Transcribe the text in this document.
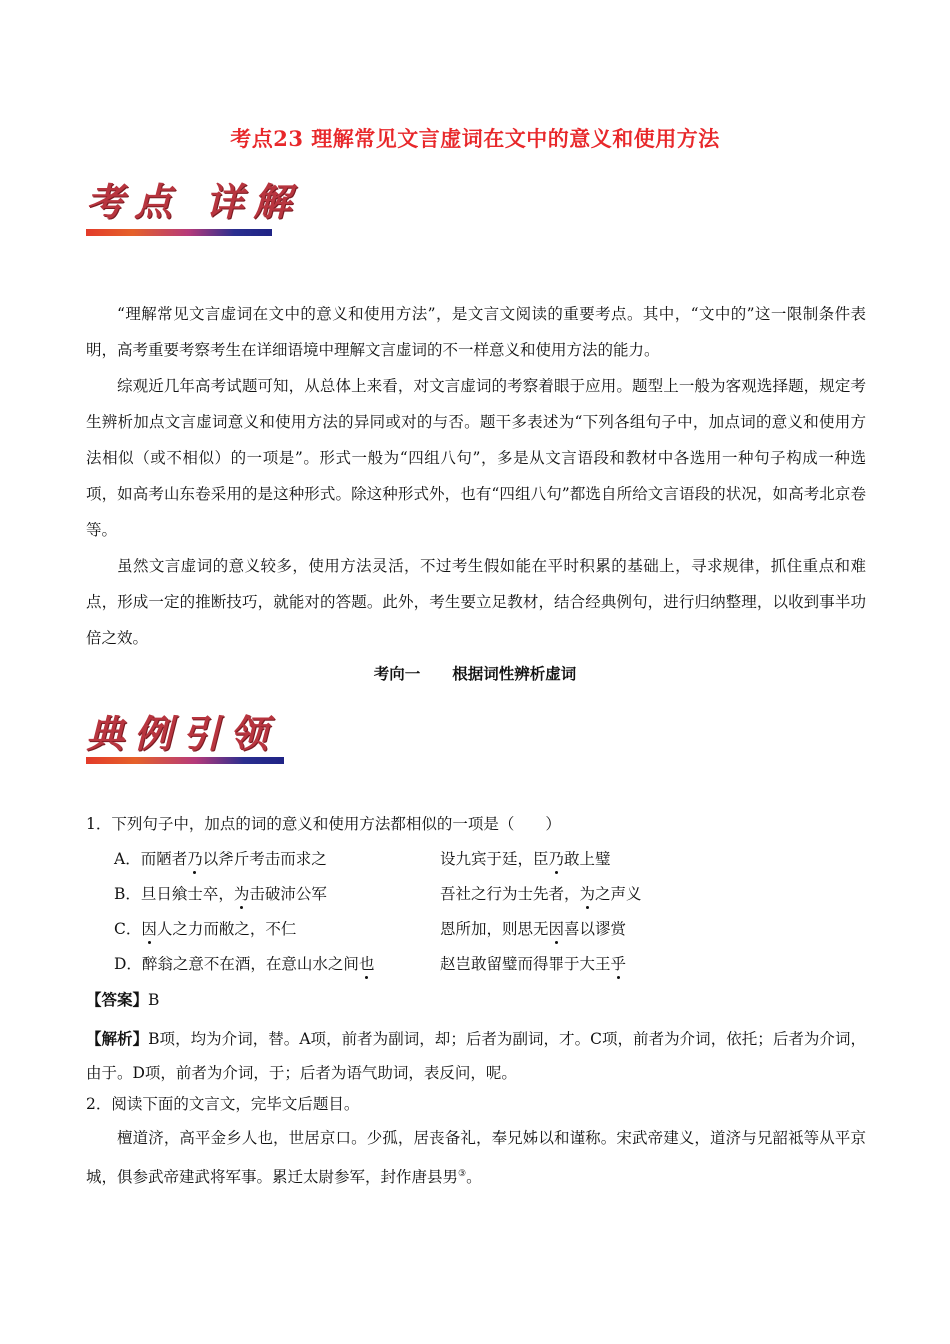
考点23 理解常见文言虚词在文中的意义和使用方法
考点 详解

“理解常见文言虚词在文中的意义和使用方法”，是文言文阅读的重要考点。其中，“文中的”这一限制条件表明，高考重要考察考生在详细语境中理解文言虚词的不一样意义和使用方法的能力。

综观近几年高考试题可知，从总体上来看，对文言虚词的考察着眼于应用。题型上一般为客观选择题，规定考生辨析加点文言虚词意义和使用方法的异同或对的与否。题干多表述为“下列各组句子中，加点词的意义和使用方法相似（或不相似）的一项是”。形式一般为“四组八句”，多是从文言语段和教材中各选用一种句子构成一种选项，如高考山东卷采用的是这种形式。除这种形式外，也有“四组八句”都选自所给文言语段的状况，如高考北京卷等。

虽然文言虚词的意义较多，使用方法灵活，不过考生假如能在平时积累的基础上，寻求规律，抓住重点和难点，形成一定的推断技巧，就能对的答题。此外，考生要立足教材，结合经典例句，进行归纳整理，以收到事半功倍之效。

考向一 根据词性辨析虚词
典例引领
1．下列句子中，加点的词的意义和使用方法都相似的一项是（　　）
A．而陋者乃以斧斤考击而求之	设九宾于廷，臣乃敢上璧
B．旦日飨士卒，为击破沛公军	吾社之行为士先者，为之声义
C．因人之力而敝之，不仁	恩所加，则思无因喜以谬赏
D．醉翁之意不在酒，在意山水之间也	赵岂敢留璧而得罪于大王乎
【答案】B

【解析】B项，均为介词，替。A项，前者为副词，却；后者为副词，才。C项，前者为介词，依托；后者为介词，由于。D项，前者为介词，于；后者为语气助词，表反问，呢。

2．阅读下面的文言文，完毕文后题目。

檀道济，高平金乡人也，世居京口。少孤，居丧备礼，奉兄姊以和谨称。宋武帝建义，道济与兄韶祗等从平京城，俱参武帝建武将军事。累迁太尉参军，封作唐县男③。
